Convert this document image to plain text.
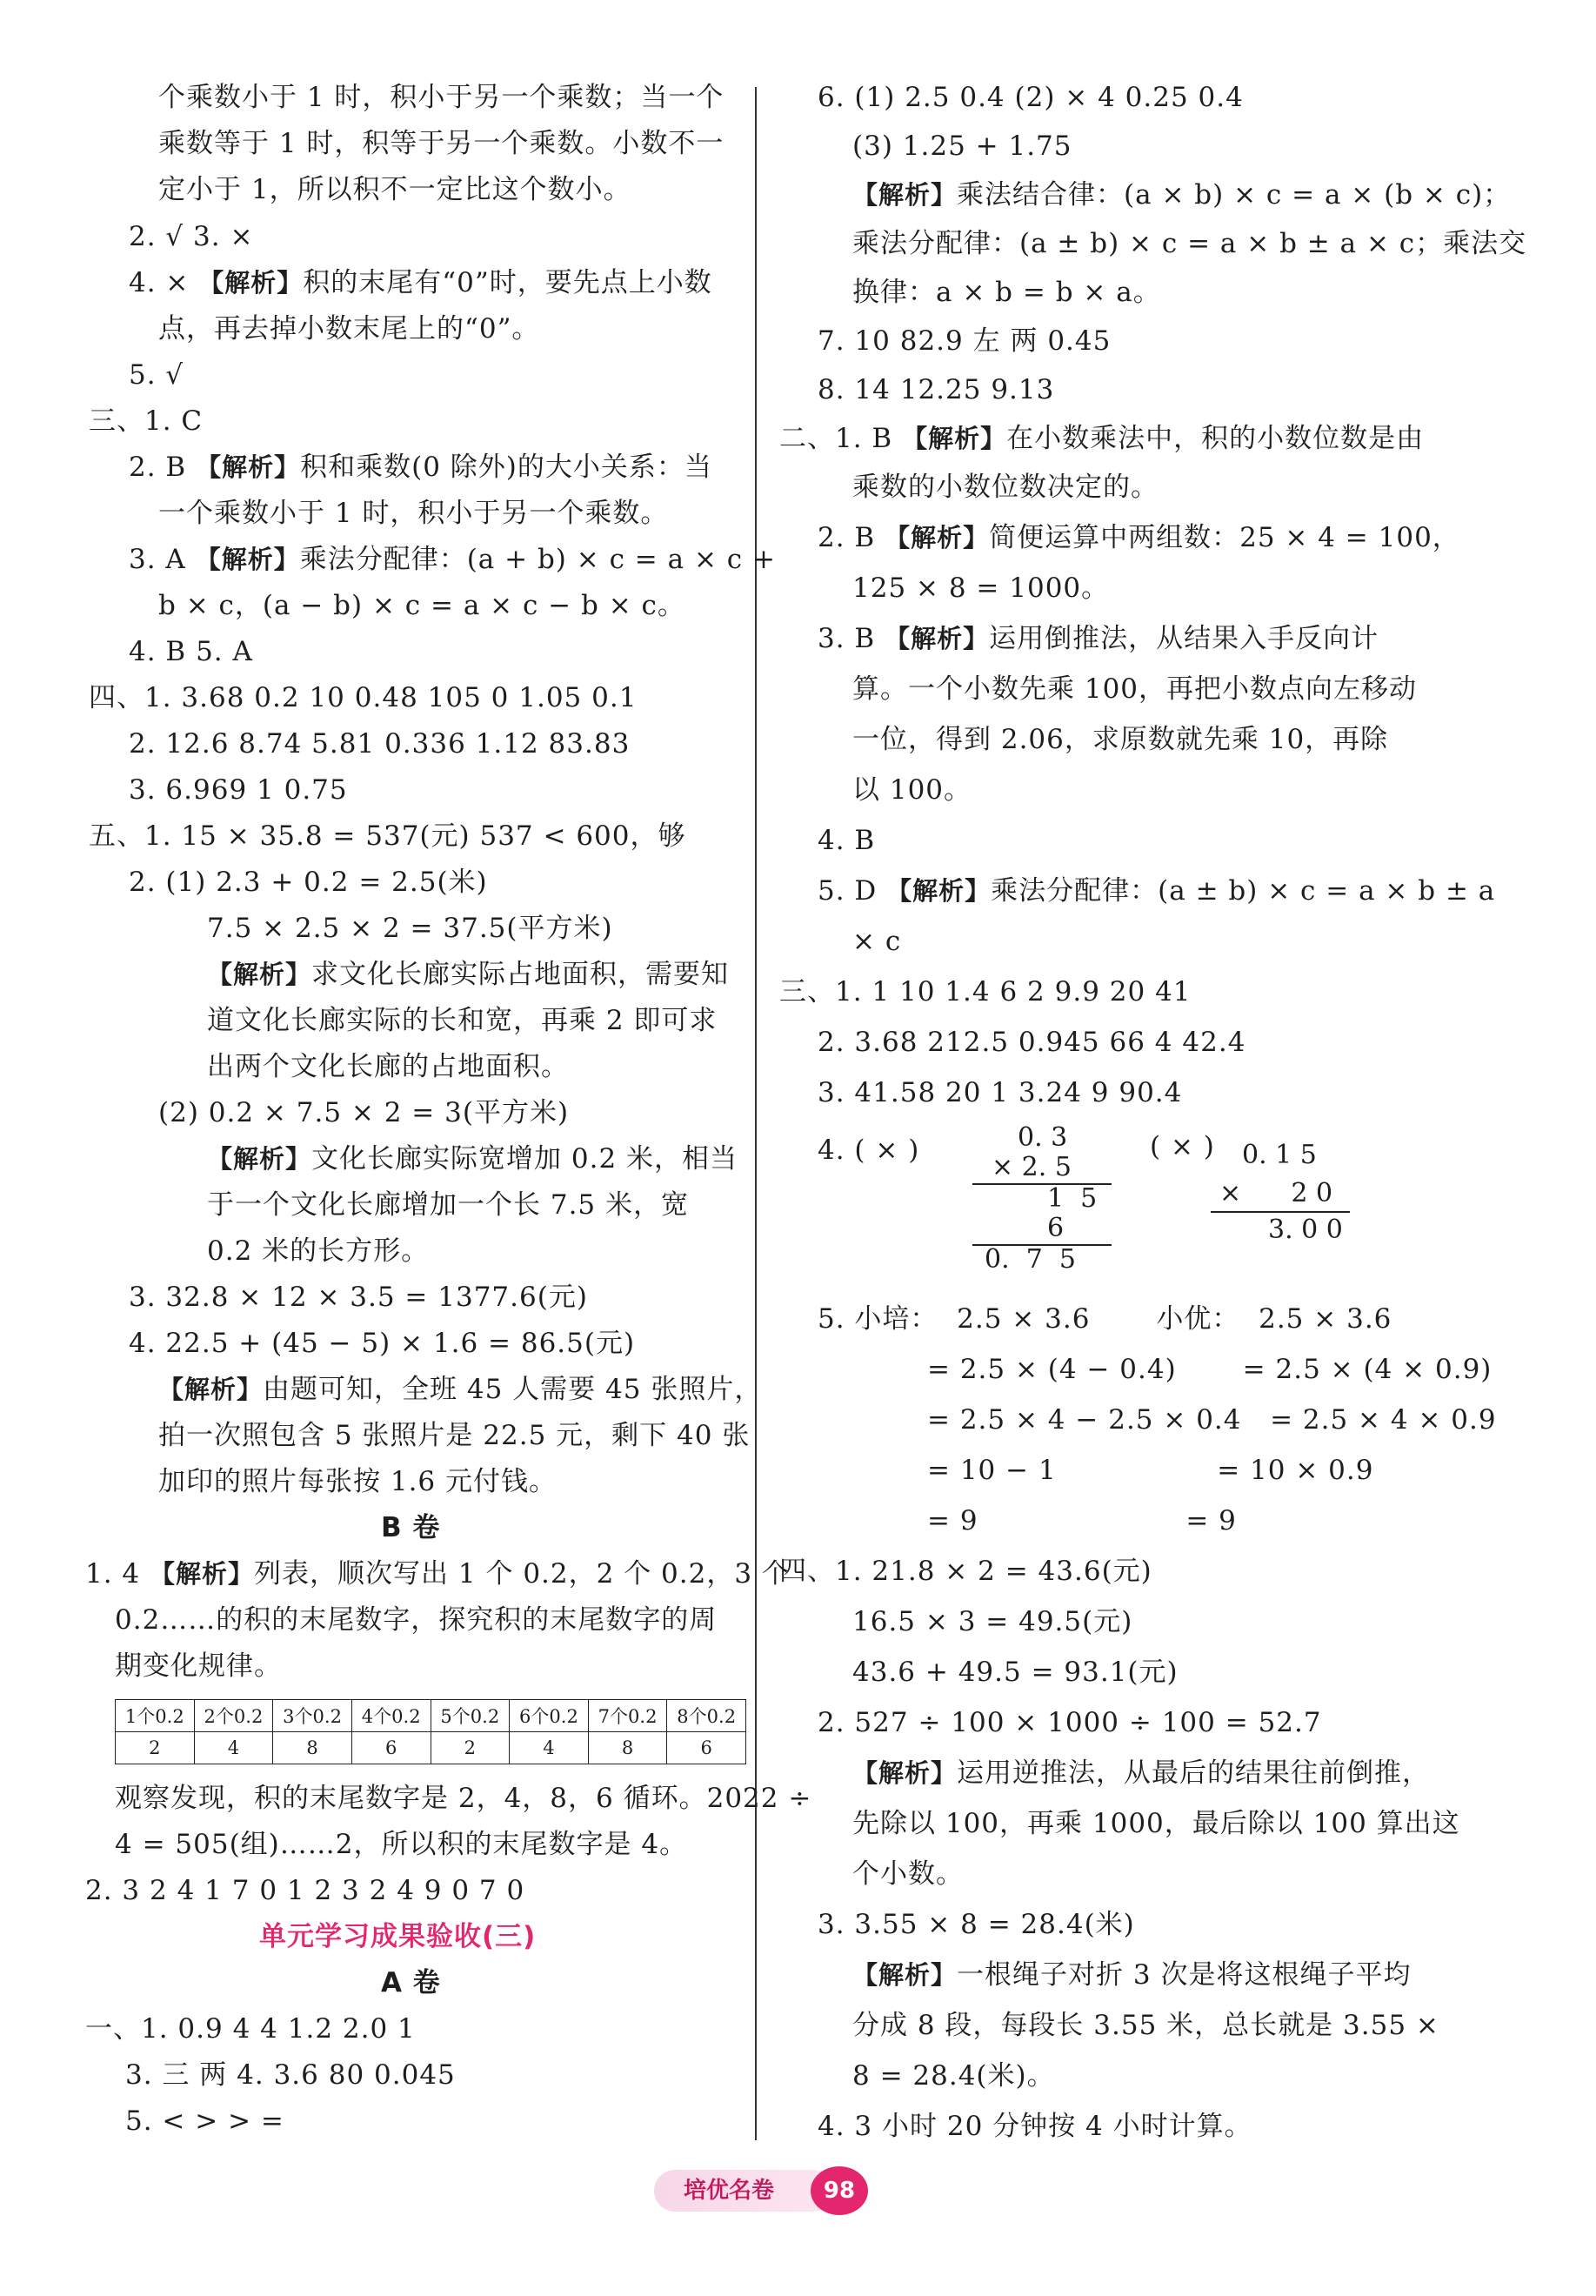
个乘数小于 1 时，积小于另一个乘数；当一个
乘数等于 1 时，积等于另一个乘数。小数不一
定小于 1，所以积不一定比这个数小。
2. √ 3. ×
4. × 【解析】积的末尾有“0”时，要先点上小数
点，再去掉小数末尾上的“0”。
5. √
三、1. C
2. B 【解析】积和乘数(0 除外)的大小关系：当
一个乘数小于 1 时，积小于另一个乘数。
3. A 【解析】乘法分配律：(a + b) × c = a × c +
b × c，(a − b) × c = a × c − b × c。
4. B 5. A
四、1. 3.68 0.2 10 0.48 105 0 1.05 0.1
2. 12.6 8.74 5.81 0.336 1.12 83.83
3. 6.969 1 0.75
五、1. 15 × 35.8 = 537(元) 537 < 600，够
2. (1) 2.3 + 0.2 = 2.5(米)
7.5 × 2.5 × 2 = 37.5(平方米)
【解析】求文化长廊实际占地面积，需要知
道文化长廊实际的长和宽，再乘 2 即可求
出两个文化长廊的占地面积。
(2) 0.2 × 7.5 × 2 = 3(平方米)
【解析】文化长廊实际宽增加 0.2 米，相当
于一个文化长廊增加一个长 7.5 米，宽
0.2 米的长方形。
3. 32.8 × 12 × 3.5 = 1377.6(元)
4. 22.5 + (45 − 5) × 1.6 = 86.5(元)
【解析】由题可知，全班 45 人需要 45 张照片，
拍一次照包含 5 张照片是 22.5 元，剩下 40 张
加印的照片每张按 1.6 元付钱。
B 卷
1. 4 【解析】列表，顺次写出 1 个 0.2，2 个 0.2，3 个
0.2……的积的末尾数字，探究积的末尾数字的周
期变化规律。
1个0.2	2个0.2	3个0.2	4个0.2	5个0.2	6个0.2	7个0.2	8个0.2
2	4	8	6	2	4	8	6
观察发现，积的末尾数字是 2，4，8，6 循环。2022 ÷
4 = 505(组)……2，所以积的末尾数字是 4。
2. 3 2 4 1 7 0 1 2 3 2 4 9 0 7 0
单元学习成果验收(三)
A 卷
一、1. 0.9 4 4 1.2 2.0 1
3. 三 两 4. 3.6 80 0.045
5. < > > =
6. (1) 2.5 0.4 (2) × 4 0.25 0.4
(3) 1.25 + 1.75
【解析】乘法结合律：(a × b) × c = a × (b × c)；
乘法分配律：(a ± b) × c = a × b ± a × c；乘法交
换律：a × b = b × a。
7. 10 82.9 左 两 0.45
8. 14 12.25 9.13
二、1. B 【解析】在小数乘法中，积的小数位数是由
乘数的小数位数决定的。
2. B 【解析】简便运算中两组数：25 × 4 = 100，
125 × 8 = 1000。
3. B 【解析】运用倒推法，从结果入手反向计
算。一个小数先乘 100，再把小数点向左移动
一位，得到 2.06，求原数就先乘 10，再除
以 100。
4. B
5. D 【解析】乘法分配律：(a ± b) × c = a × b ± a
× c
三、1. 1 10 1.4 6 2 9.9 20 41
2. 3.68 212.5 0.945 66 4 42.4
3. 41.58 20 1 3.24 9 90.4
4. ( × )

	0. 3

× 2. 5

1  5

6

0.  7  5

( × )

0. 1 5

×      2 0

3. 0 0

5. 小培：  2.5 × 3.6       小优：  2.5 × 3.6
= 2.5 × (4 − 0.4)       = 2.5 × (4 × 0.9)
= 2.5 × 4 − 2.5 × 0.4   = 2.5 × 4 × 0.9
= 10 − 1                 = 10 × 0.9
= 9                      = 9
四、1. 21.8 × 2 = 43.6(元)
16.5 × 3 = 49.5(元)
43.6 + 49.5 = 93.1(元)
2. 527 ÷ 100 × 1000 ÷ 100 = 52.7
【解析】运用逆推法，从最后的结果往前倒推，
先除以 100，再乘 1000，最后除以 100 算出这
个小数。
3. 3.55 × 8 = 28.4(米)
【解析】一根绳子对折 3 次是将这根绳子平均
分成 8 段，每段长 3.55 米，总长就是 3.55 ×
8 = 28.4(米)。
4. 3 小时 20 分钟按 4 小时计算。
培优名卷	98
